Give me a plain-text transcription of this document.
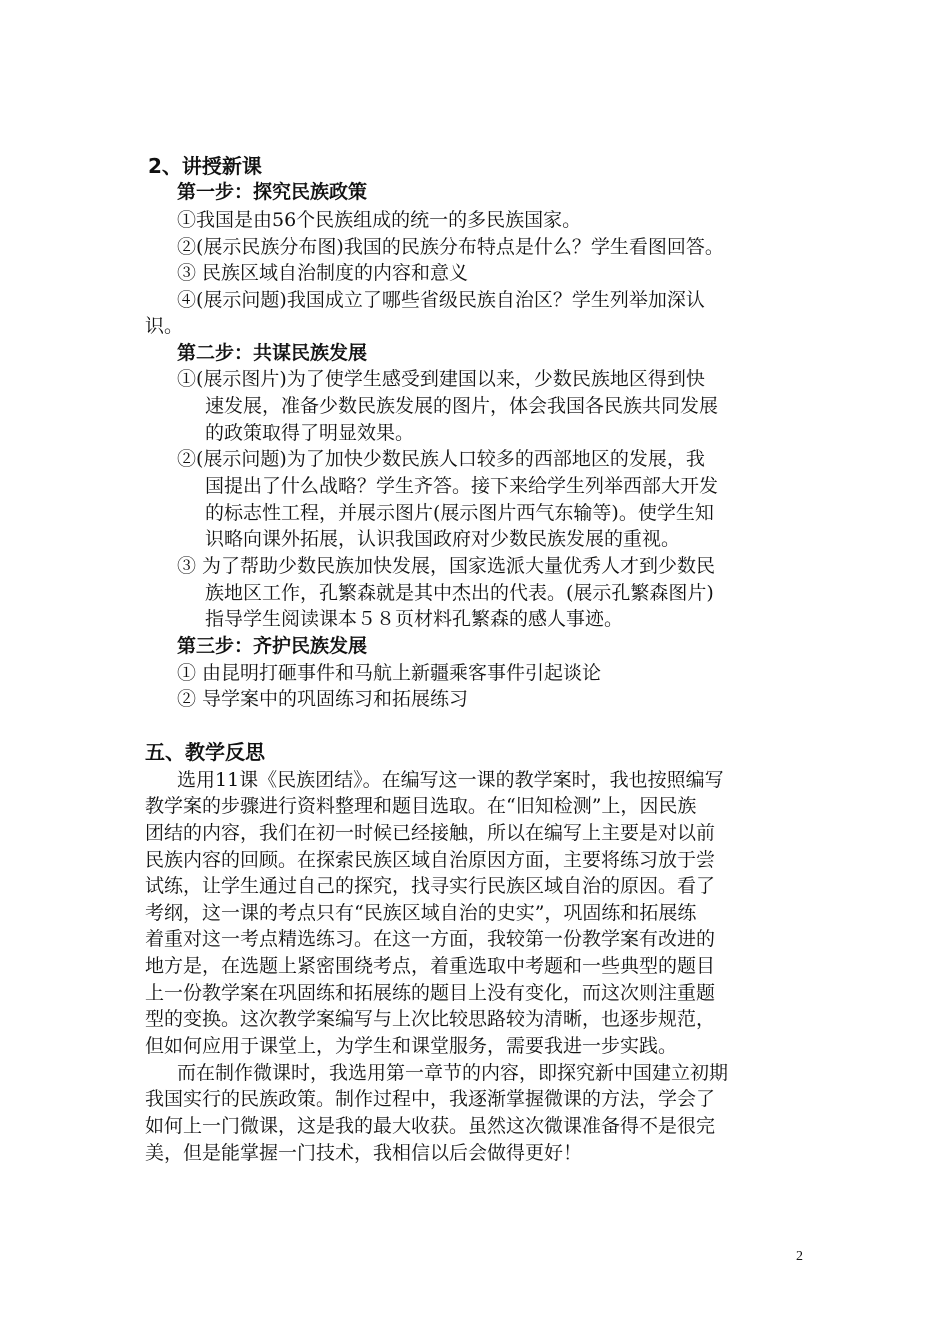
2、讲授新课
第一步：探究民族政策
①我国是由56个民族组成的统一的多民族国家。
②(展示民族分布图)我国的民族分布特点是什么？学生看图回答。
③ 民族区域自治制度的内容和意义
④(展示问题)我国成立了哪些省级民族自治区？学生列举加深认
识。
第二步：共谋民族发展
①(展示图片)为了使学生感受到建国以来，少数民族地区得到快
速发展，准备少数民族发展的图片，体会我国各民族共同发展
的政策取得了明显效果。
②(展示问题)为了加快少数民族人口较多的西部地区的发展，我
国提出了什么战略？学生齐答。接下来给学生列举西部大开发
的标志性工程，并展示图片(展示图片西气东输等)。使学生知
识略向课外拓展，认识我国政府对少数民族发展的重视。
③ 为了帮助少数民族加快发展，国家选派大量优秀人才到少数民
族地区工作，孔繁森就是其中杰出的代表。(展示孔繁森图片)
指导学生阅读课本５８页材料孔繁森的感人事迹。
第三步：齐护民族发展
① 由昆明打砸事件和马航上新疆乘客事件引起谈论
② 导学案中的巩固练习和拓展练习
五、教学反思
选用11课《民族团结》。在编写这一课的教学案时，我也按照编写
教学案的步骤进行资料整理和题目选取。在“旧知检测”上，因民族
团结的内容，我们在初一时候已经接触，所以在编写上主要是对以前
民族内容的回顾。在探索民族区域自治原因方面，主要将练习放于尝
试练，让学生通过自己的探究，找寻实行民族区域自治的原因。看了
考纲，这一课的考点只有“民族区域自治的史实”，巩固练和拓展练
着重对这一考点精选练习。在这一方面，我较第一份教学案有改进的
地方是，在选题上紧密围绕考点，着重选取中考题和一些典型的题目
上一份教学案在巩固练和拓展练的题目上没有变化，而这次则注重题
型的变换。这次教学案编写与上次比较思路较为清晰，也逐步规范，
但如何应用于课堂上，为学生和课堂服务，需要我进一步实践。
而在制作微课时，我选用第一章节的内容，即探究新中国建立初期
我国实行的民族政策。制作过程中，我逐渐掌握微课的方法，学会了
如何上一门微课，这是我的最大收获。虽然这次微课准备得不是很完
美，但是能掌握一门技术，我相信以后会做得更好！
2
